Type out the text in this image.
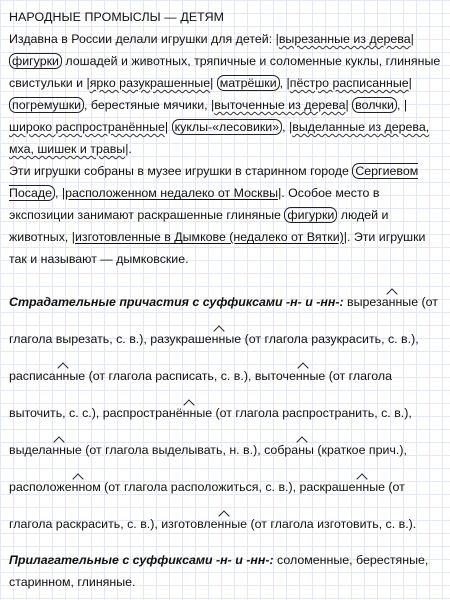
НАРОДНЫЕ ПРОМЫСЛЫ — ДЕТЯМ

Издавна в России делали игрушки для детей: |вырезанные из дерева|фигурки лошадей и животных, тряпичные и соломенные куклы, глиняные свистульки и |ярко разукрашенные| матрёшки , |пёстро расписанные| погремушки , берестяные мячики, |выточенные из дерева| волчки , |широко распространённые| куклы-«лесовики» , |выделанные из дерева, мха, шишек и травы|.

Эти игрушки собраны в музее игрушки в старинном городе Сергиевом Посаде , |расположенном недалеко от Москвы|. Особое место в экспозиции занимают раскрашенные глиняные фигурки людей и животных, |изготовленные в Дымкове (недалеко от Вятки)|. Эти игрушки так и называют — дымковские.

Страдательные причастия с суффиксами -н- и -нн-: вырезанные (от глагола вырезать, с. в.), разукрашенные (от глагола разукрасить, с. в.), расписанные (от глагола расписать, с. в.), выточенные (от глагола выточить, с. с.), распространённые (от глагола распространить, с. в.), выделанные (от глагола выделывать, н. в.), собраны (краткое прич.), расположенном (от глагола расположиться, с. в.), раскрашенные (от глагола раскрасить, с. в.), изготовленные (от глагола изготовить, с. в.).

Прилагательные с суффиксами -н- и -нн-: соломенные, берестяные, старинном, глиняные.
